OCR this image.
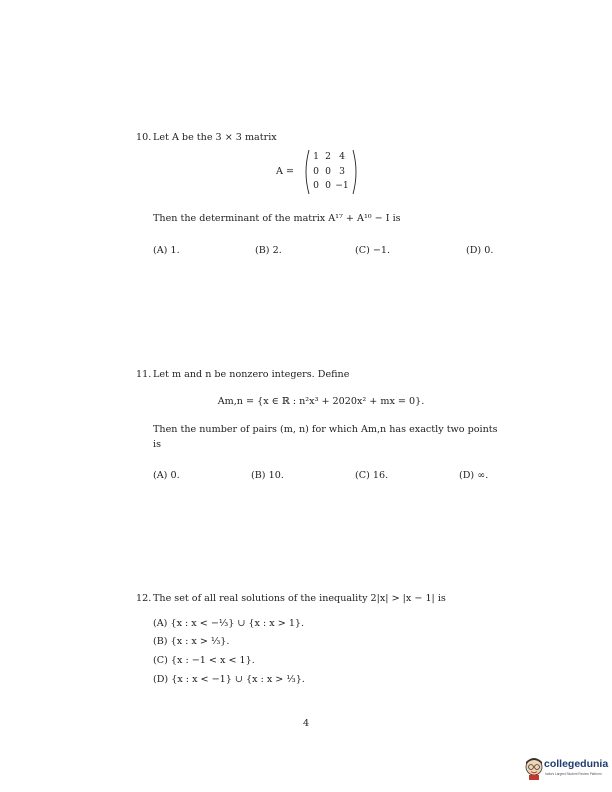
10. Let A be the 3 × 3 matrix
A =
1 2 4
0 0 3
0 0 −1
Then the determinant of the matrix A¹⁷ + A¹⁰ − I is
(A) 1.	(B) 2.	(C) −1.	(D) 0.
11. Let m and n be nonzero integers. Define
Am,n = {x ∈ ℝ : n²x³ + 2020x² + mx = 0}.
Then the number of pairs (m, n) for which Am,n has exactly two points
is
(A) 0.	(B) 10.	(C) 16.	(D) ∞.
12. The set of all real solutions of the inequality 2|x| > |x − 1| is
(A) {x : x < −⅓} ∪ {x : x > 1}.
(B) {x : x > ⅓}.
(C) {x : −1 < x < 1}.
(D) {x : x < −1} ∪ {x : x > ⅓}.
4
collegedunia
India's Largest Student Review Platform
